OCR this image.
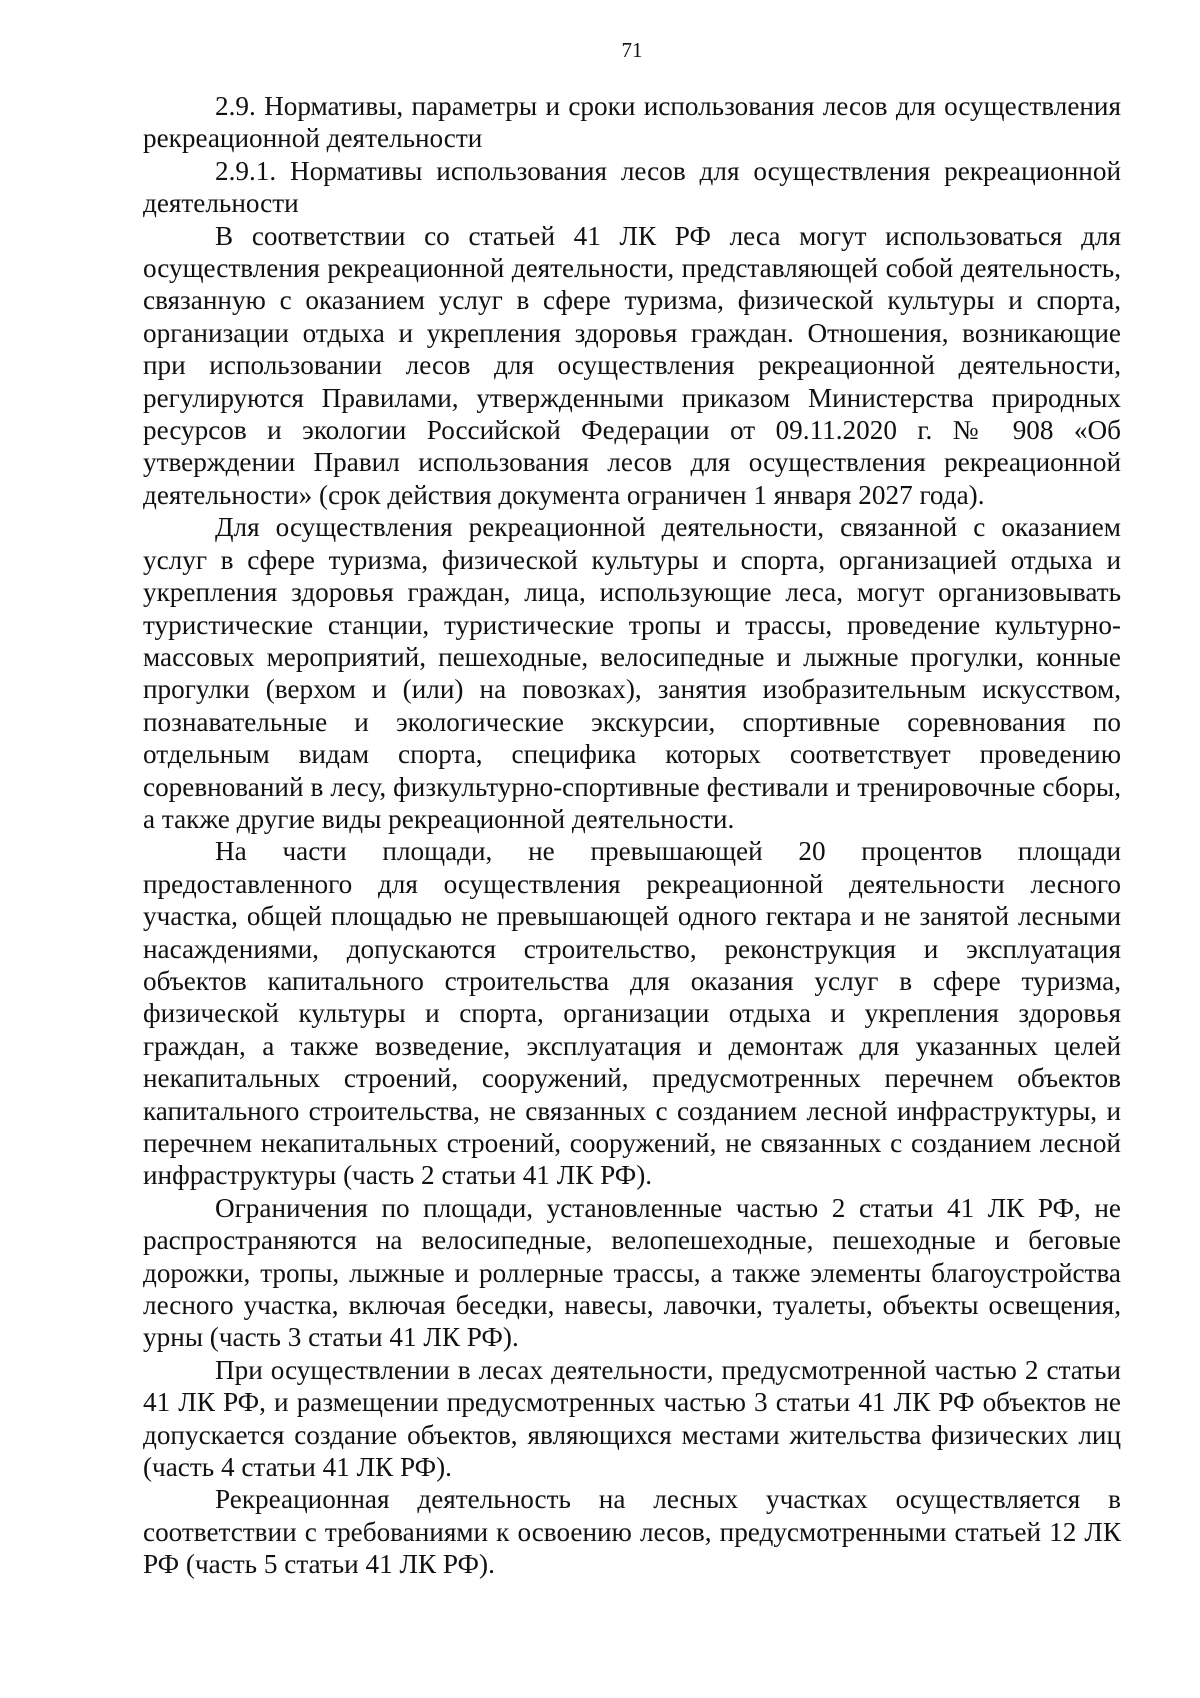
71

2.9. Нормативы, параметры и сроки использования лесов для осуществления рекреационной деятельности

2.9.1. Нормативы использования лесов для осуществления рекреационной деятельности

В соответствии со статьей 41 ЛК РФ леса могут использоваться для осуществления рекреационной деятельности, представляющей собой деятельность, связанную с оказанием услуг в сфере туризма, физической культуры и спорта, организации отдыха и укрепления здоровья граждан. Отношения, возникающие при использовании лесов для осуществления рекреационной деятельности, регулируются Правилами, утвержденными приказом Министерства природных ресурсов и экологии Российской Федерации от 09.11.2020 г. № 908 «Об утверждении Правил использования лесов для осуществления рекреационной деятельности» (срок действия документа ограничен 1 января 2027 года).

Для осуществления рекреационной деятельности, связанной с оказанием услуг в сфере туризма, физической культуры и спорта, организацией отдыха и укрепления здоровья граждан, лица, использующие леса, могут организовывать туристические станции, туристические тропы и трассы, проведение культурно-массовых мероприятий, пешеходные, велосипедные и лыжные прогулки, конные прогулки (верхом и (или) на повозках), занятия изобразительным искусством, познавательные и экологические экскурсии, спортивные соревнования по отдельным видам спорта, специфика которых соответствует проведению соревнований в лесу, физкультурно-спортивные фестивали и тренировочные сборы, а также другие виды рекреационной деятельности.

На части площади, не превышающей 20 процентов площади предоставленного для осуществления рекреационной деятельности лесного участка, общей площадью не превышающей одного гектара и не занятой лесными насаждениями, допускаются строительство, реконструкция и эксплуатация объектов капитального строительства для оказания услуг в сфере туризма, физической культуры и спорта, организации отдыха и укрепления здоровья граждан, а также возведение, эксплуатация и демонтаж для указанных целей некапитальных строений, сооружений, предусмотренных перечнем объектов капитального строительства, не связанных с созданием лесной инфраструктуры, и перечнем некапитальных строений, сооружений, не связанных с созданием лесной инфраструктуры (часть 2 статьи 41 ЛК РФ).

Ограничения по площади, установленные частью 2 статьи 41 ЛК РФ, не распространяются на велосипедные, велопешеходные, пешеходные и беговые дорожки, тропы, лыжные и роллерные трассы, а также элементы благоустройства лесного участка, включая беседки, навесы, лавочки, туалеты, объекты освещения, урны (часть 3 статьи 41 ЛК РФ).

При осуществлении в лесах деятельности, предусмотренной частью 2 статьи 41 ЛК РФ, и размещении предусмотренных частью 3 статьи 41 ЛК РФ объектов не допускается создание объектов, являющихся местами жительства физических лиц (часть 4 статьи 41 ЛК РФ).

Рекреационная деятельность на лесных участках осуществляется в соответствии с требованиями к освоению лесов, предусмотренными статьей 12 ЛК РФ (часть 5 статьи 41 ЛК РФ).
